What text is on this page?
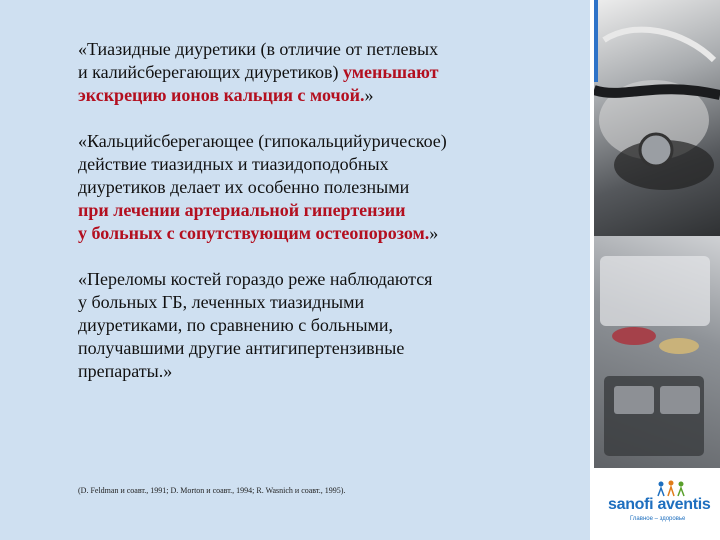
«Тиазидные диуретики (в отличие от петлевых
и калийсберегающих диуретиков) уменьшают
экскрецию ионов кальция с мочой.»

«Кальцийсберегающее (гипокальцийурическое)
действие тиазидных и тиазидоподобных
диуретиков делает их особенно полезными
при лечении артериальной гипертензии
у больных с сопутствующим остеопорозом.»

«Переломы костей гораздо реже наблюдаются
у больных ГБ, леченных тиазидными
диуретиками, по сравнению с больными,
получавшими другие антигипертензивные
препараты.»

(D. Feldman и соавт., 1991; D. Morton и соавт., 1994; R. Wasnich и соавт., 1995).
sanofi aventis
Главное – здоровье
